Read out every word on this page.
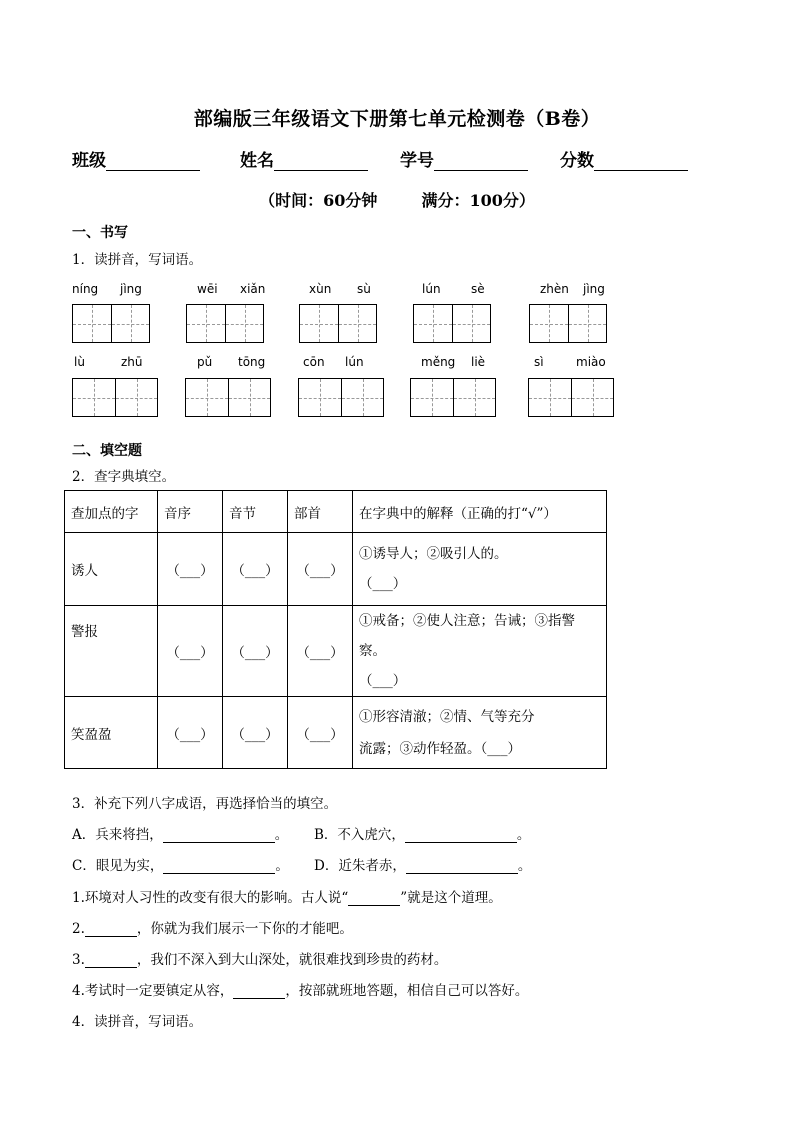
部编版三年级语文下册第七单元检测卷（B卷）
班级	姓名	学号	分数
（时间：60分钟	满分：100分）
一、书写
1．读拼音，写词语。
níng jìng	wēi xiǎn	xùn sù	lún	sè	zhèn jìng
lù	zhū	pǔ tōng	cōn lún	měng liè	sì	miào
二、填空题
2．查字典填空。
查加点的字	音序	音节	部首	在字典中的解释（正确的打“√”）
诱人	（___）	（___）	（___）	①诱导人；②吸引人的。
（___）

警报	（___）	（___）	（___）	①戒备；②使人注意；告诫；③指警察。
（___）

笑盈盈	（___）	（___）	（___）	①形容清澈；②情、气等充分
流露；③动作轻盈。（___）
3．补充下列八字成语，再选择恰当的填空。
A．兵来将挡，	。 B．不入虎穴，	。
C．眼见为实，	。 D．近朱者赤，	。
1.环境对人习性的改变有很大的影响。古人说“	”就是这个道理。
2.	，你就为我们展示一下你的才能吧。
3.	，我们不深入到大山深处，就很难找到珍贵的药材。
4.考试时一定要镇定从容，	，按部就班地答题，相信自己可以答好。
4．读拼音，写词语。
